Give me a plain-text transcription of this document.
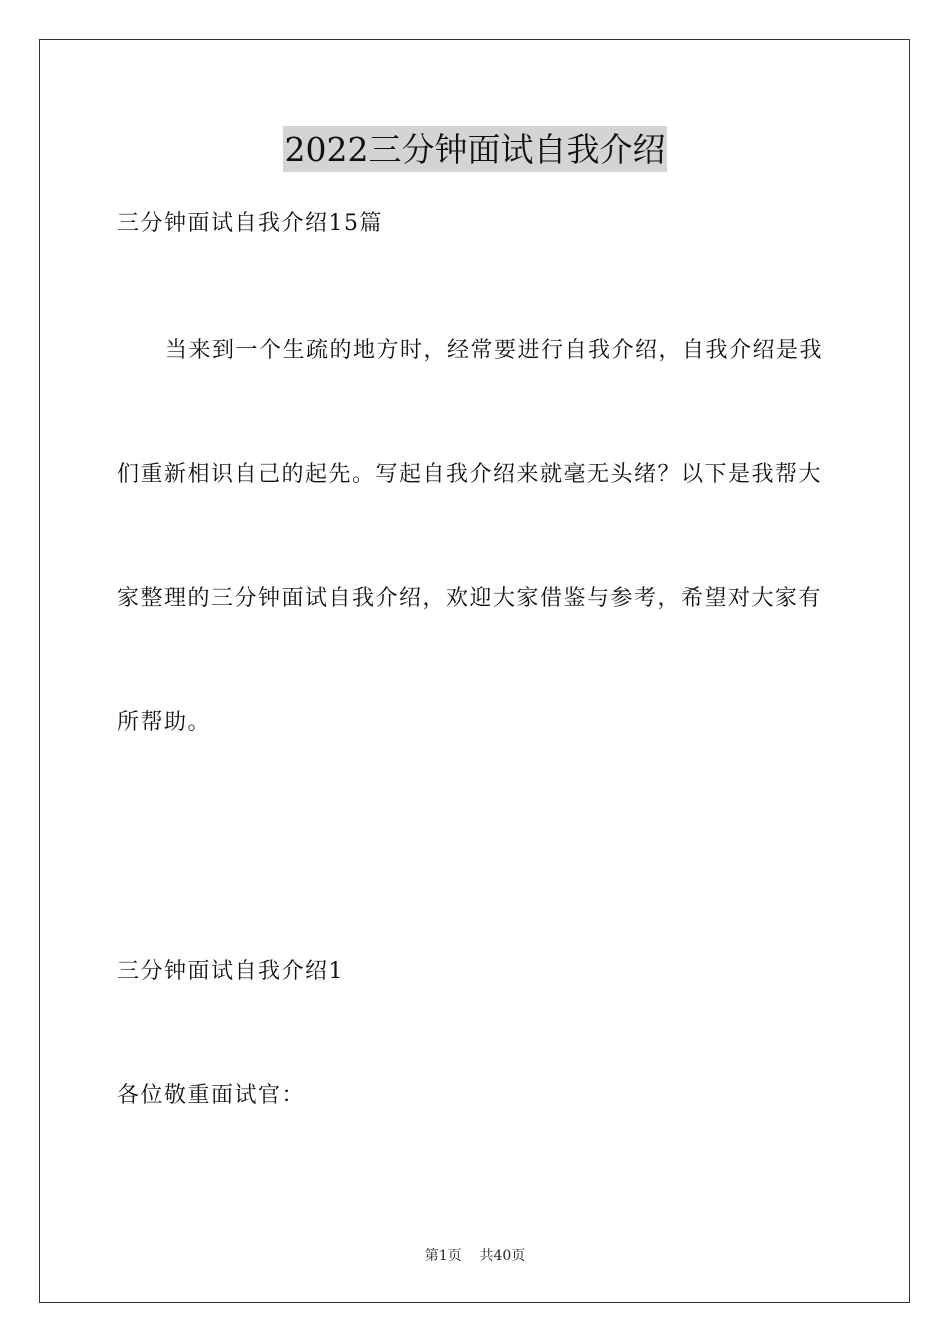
2022三分钟面试自我介绍

三分钟面试自我介绍15篇

当来到一个生疏的地方时，经常要进行自我介绍，自我介绍是我

们重新相识自己的起先。写起自我介绍来就毫无头绪？以下是我帮大

家整理的三分钟面试自我介绍，欢迎大家借鉴与参考，希望对大家有

所帮助。

三分钟面试自我介绍1

各位敬重面试官：

第1页 共40页
